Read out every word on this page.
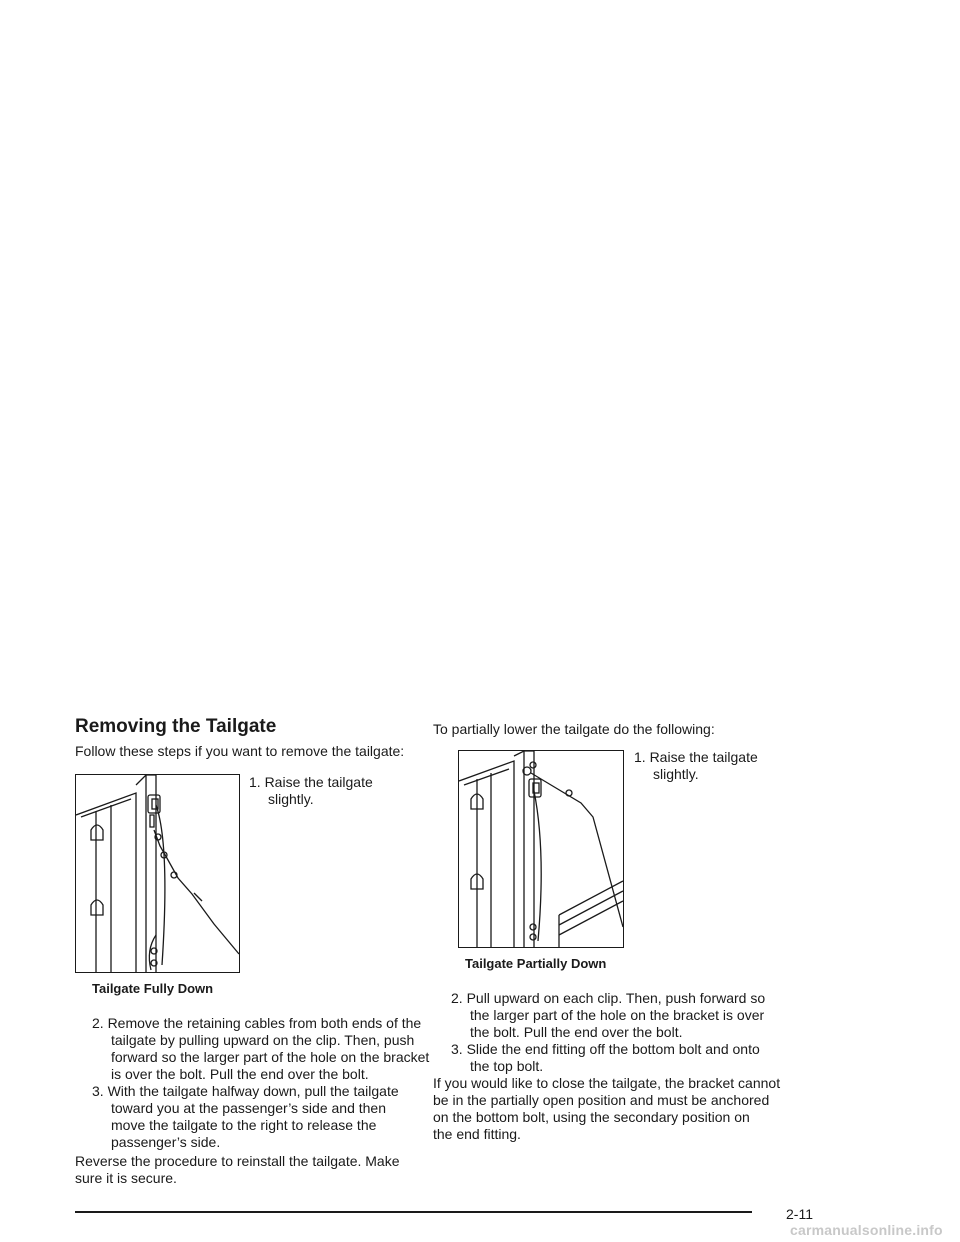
Removing the Tailgate

Follow these steps if you want to remove the tailgate:

1. Raise the tailgate
slightly.
Tailgate Fully Down
2. Remove the retaining cables from both ends of the
tailgate by pulling upward on the clip. Then, push
forward so the larger part of the hole on the bracket
is over the bolt. Pull the end over the bolt.
3. With the tailgate halfway down, pull the tailgate
toward you at the passenger’s side and then
move the tailgate to the right to release the
passenger’s side.
Reverse the procedure to reinstall the tailgate. Make
sure it is secure.

To partially lower the tailgate do the following:

1. Raise the tailgate
slightly.
Tailgate Partially Down
2. Pull upward on each clip. Then, push forward so
the larger part of the hole on the bracket is over
the bolt. Pull the end over the bolt.
3. Slide the end fitting off the bottom bolt and onto
the top bolt.
If you would like to close the tailgate, the bracket cannot
be in the partially open position and must be anchored
on the bottom bolt, using the secondary position on
the end fitting.
2-11
carmanualsonline.info
